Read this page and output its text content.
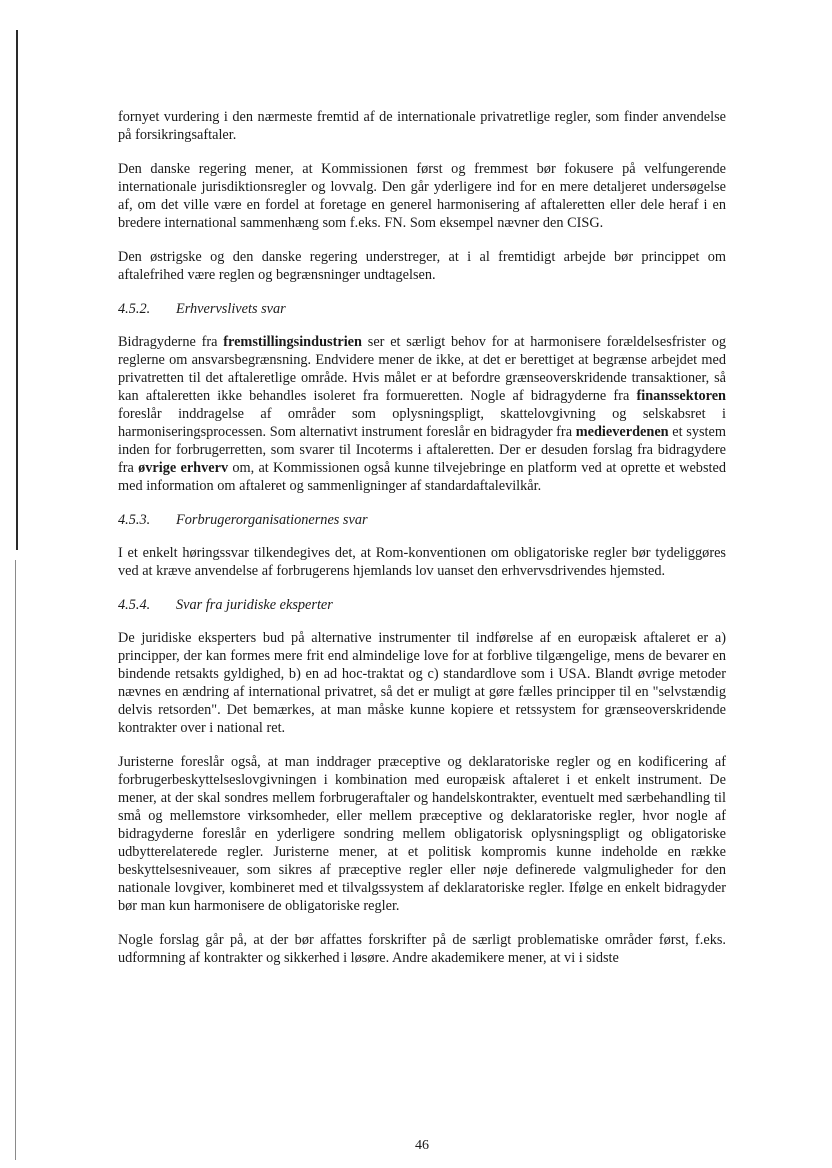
fornyet vurdering i den nærmeste fremtid af de internationale privatretlige regler, som finder anvendelse på forsikringsaftaler.

Den danske regering mener, at Kommissionen først og fremmest bør fokusere på velfungerende internationale jurisdiktionsregler og lovvalg. Den går yderligere ind for en mere detaljeret undersøgelse af, om det ville være en fordel at foretage en generel harmonisering af aftaleretten eller dele heraf i en bredere international sammenhæng som f.eks. FN. Som eksempel nævner den CISG.

Den østrigske og den danske regering understreger, at i al fremtidigt arbejde bør princippet om aftalefrihed være reglen og begrænsninger undtagelsen.

4.5.2. Erhvervslivets svar

Bidragyderne fra fremstillingsindustrien ser et særligt behov for at harmonisere forældelsesfrister og reglerne om ansvarsbegrænsning. Endvidere mener de ikke, at det er berettiget at begrænse arbejdet med privatretten til det aftaleretlige område. Hvis målet er at befordre grænseoverskridende transaktioner, så kan aftaleretten ikke behandles isoleret fra formueretten. Nogle af bidragyderne fra finanssektoren foreslår inddragelse af områder som oplysningspligt, skattelovgivning og selskabsret i harmoniseringsprocessen. Som alternativt instrument foreslår en bidragyder fra medieverdenen et system inden for forbrugerretten, som svarer til Incoterms i aftaleretten. Der er desuden forslag fra bidragydere fra øvrige erhverv om, at Kommissionen også kunne tilvejebringe en platform ved at oprette et websted med information om aftaleret og sammenligninger af standardaftalevilkår.

4.5.3. Forbrugerorganisationernes svar

I et enkelt høringssvar tilkendegives det, at Rom-konventionen om obligatoriske regler bør tydeliggøres ved at kræve anvendelse af forbrugerens hjemlands lov uanset den erhvervsdrivendes hjemsted.

4.5.4. Svar fra juridiske eksperter

De juridiske eksperters bud på alternative instrumenter til indførelse af en europæisk aftaleret er a) principper, der kan formes mere frit end almindelige love for at forblive tilgængelige, mens de bevarer en bindende retsakts gyldighed, b) en ad hoc-traktat og c) standardlove som i USA. Blandt øvrige metoder nævnes en ændring af international privatret, så det er muligt at gøre fælles principper til en "selvstændig delvis retsorden". Det bemærkes, at man måske kunne kopiere et retssystem for grænseoverskridende kontrakter over i national ret.

Juristerne foreslår også, at man inddrager præceptive og deklaratoriske regler og en kodificering af forbrugerbeskyttelseslovgivningen i kombination med europæisk aftaleret i et enkelt instrument. De mener, at der skal sondres mellem forbrugeraftaler og handelskontrakter, eventuelt med særbehandling til små og mellemstore virksomheder, eller mellem præceptive og deklaratoriske regler, hvor nogle af bidragyderne foreslår en yderligere sondring mellem obligatorisk oplysningspligt og obligatoriske udbytterelaterede regler. Juristerne mener, at et politisk kompromis kunne indeholde en række beskyttelsesniveauer, som sikres af præceptive regler eller nøje definerede valgmuligheder for den nationale lovgiver, kombineret med et tilvalgssystem af deklaratoriske regler. Ifølge en enkelt bidragyder bør man kun harmonisere de obligatoriske regler.

Nogle forslag går på, at der bør affattes forskrifter på de særligt problematiske områder først, f.eks. udformning af kontrakter og sikkerhed i løsøre. Andre akademikere mener, at vi i sidste

46
